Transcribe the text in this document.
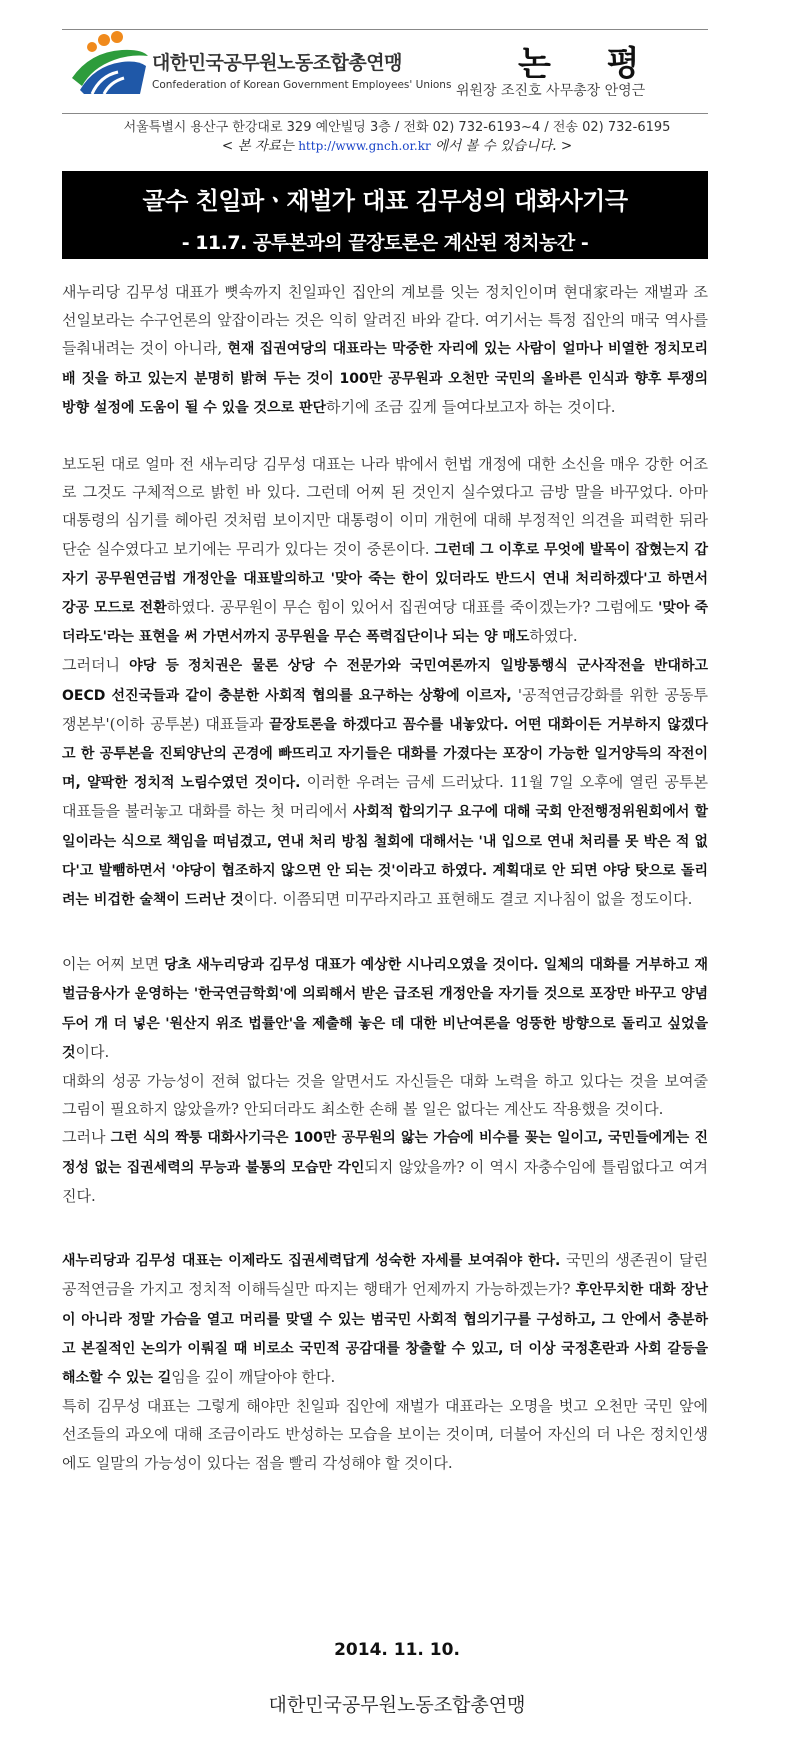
대한민국공무원노동조합총연맹
Confederation of Korean Government Employees' Unions
논 평
위원장 조진호 사무총장 안영근
서울특별시 용산구 한강대로 329 예안빌딩 3층 / 전화 02) 732-6193~4 / 전송 02) 732-6195
< 본 자료는 http://www.gnch.or.kr 에서 볼 수 있습니다. >
골수 친일파ㆍ재벌가 대표 김무성의 대화사기극
- 11.7. 공투본과의 끝장토론은 계산된 정치농간 -

새누리당 김무성 대표가 뼛속까지 친일파인 집안의 계보를 잇는 정치인이며 현대家라는 재벌과 조선일보라는 수구언론의 앞잡이라는 것은 익히 알려진 바와 같다. 여기서는 특정 집안의 매국 역사를 들춰내려는 것이 아니라, 현재 집권여당의 대표라는 막중한 자리에 있는 사람이 얼마나 비열한 정치모리배 짓을 하고 있는지 분명히 밝혀 두는 것이 100만 공무원과 오천만 국민의 올바른 인식과 향후 투쟁의 방향 설정에 도움이 될 수 있을 것으로 판단하기에 조금 깊게 들여다보고자 하는 것이다.

보도된 대로 얼마 전 새누리당 김무성 대표는 나라 밖에서 헌법 개정에 대한 소신을 매우 강한 어조로 그것도 구체적으로 밝힌 바 있다. 그런데 어찌 된 것인지 실수였다고 금방 말을 바꾸었다. 아마 대통령의 심기를 헤아린 것처럼 보이지만 대통령이 이미 개헌에 대해 부정적인 의견을 피력한 뒤라 단순 실수였다고 보기에는 무리가 있다는 것이 중론이다. 그런데 그 이후로 무엇에 발목이 잡혔는지 갑자기 공무원연금법 개정안을 대표발의하고 '맞아 죽는 한이 있더라도 반드시 연내 처리하겠다'고 하면서 강공 모드로 전환하였다. 공무원이 무슨 힘이 있어서 집권여당 대표를 죽이겠는가? 그럼에도 '맞아 죽더라도'라는 표현을 써 가면서까지 공무원을 무슨 폭력집단이나 되는 양 매도하였다.

그러더니 야당 등 정치권은 물론 상당 수 전문가와 국민여론까지 일방통행식 군사작전을 반대하고 OECD 선진국들과 같이 충분한 사회적 협의를 요구하는 상황에 이르자, '공적연금강화를 위한 공동투쟁본부'(이하 공투본) 대표들과 끝장토론을 하겠다고 꼼수를 내놓았다. 어떤 대화이든 거부하지 않겠다고 한 공투본을 진퇴양난의 곤경에 빠뜨리고 자기들은 대화를 가졌다는 포장이 가능한 일거양득의 작전이며, 얄팍한 정치적 노림수였던 것이다. 이러한 우려는 금세 드러났다. 11월 7일 오후에 열린 공투본 대표들을 불러놓고 대화를 하는 첫 머리에서 사회적 합의기구 요구에 대해 국회 안전행정위원회에서 할 일이라는 식으로 책임을 떠넘겼고, 연내 처리 방침 철회에 대해서는 '내 입으로 연내 처리를 못 박은 적 없다'고 발뺌하면서 '야당이 협조하지 않으면 안 되는 것'이라고 하였다. 계획대로 안 되면 야당 탓으로 돌리려는 비겁한 술책이 드러난 것이다. 이쯤되면 미꾸라지라고 표현해도 결코 지나침이 없을 정도이다.

이는 어찌 보면 당초 새누리당과 김무성 대표가 예상한 시나리오였을 것이다. 일체의 대화를 거부하고 재벌금융사가 운영하는 '한국연금학회'에 의뢰해서 받은 급조된 개정안을 자기들 것으로 포장만 바꾸고 양념 두어 개 더 넣은 '원산지 위조 법률안'을 제출해 놓은 데 대한 비난여론을 엉뚱한 방향으로 돌리고 싶었을 것이다.

대화의 성공 가능성이 전혀 없다는 것을 알면서도 자신들은 대화 노력을 하고 있다는 것을 보여줄 그림이 필요하지 않았을까? 안되더라도 최소한 손해 볼 일은 없다는 계산도 작용했을 것이다.

그러나 그런 식의 짝퉁 대화사기극은 100만 공무원의 앓는 가슴에 비수를 꽂는 일이고, 국민들에게는 진정성 없는 집권세력의 무능과 불통의 모습만 각인되지 않았을까? 이 역시 자충수임에 틀림없다고 여겨진다.

새누리당과 김무성 대표는 이제라도 집권세력답게 성숙한 자세를 보여줘야 한다. 국민의 생존권이 달린 공적연금을 가지고 정치적 이해득실만 따지는 행태가 언제까지 가능하겠는가? 후안무치한 대화 장난이 아니라 정말 가슴을 열고 머리를 맞댈 수 있는 범국민 사회적 협의기구를 구성하고, 그 안에서 충분하고 본질적인 논의가 이뤄질 때 비로소 국민적 공감대를 창출할 수 있고, 더 이상 국정혼란과 사회 갈등을 해소할 수 있는 길임을 깊이 깨달아야 한다.

특히 김무성 대표는 그렇게 해야만 친일파 집안에 재벌가 대표라는 오명을 벗고 오천만 국민 앞에 선조들의 과오에 대해 조금이라도 반성하는 모습을 보이는 것이며, 더불어 자신의 더 나은 정치인생에도 일말의 가능성이 있다는 점을 빨리 각성해야 할 것이다.

2014. 11. 10.
대한민국공무원노동조합총연맹
